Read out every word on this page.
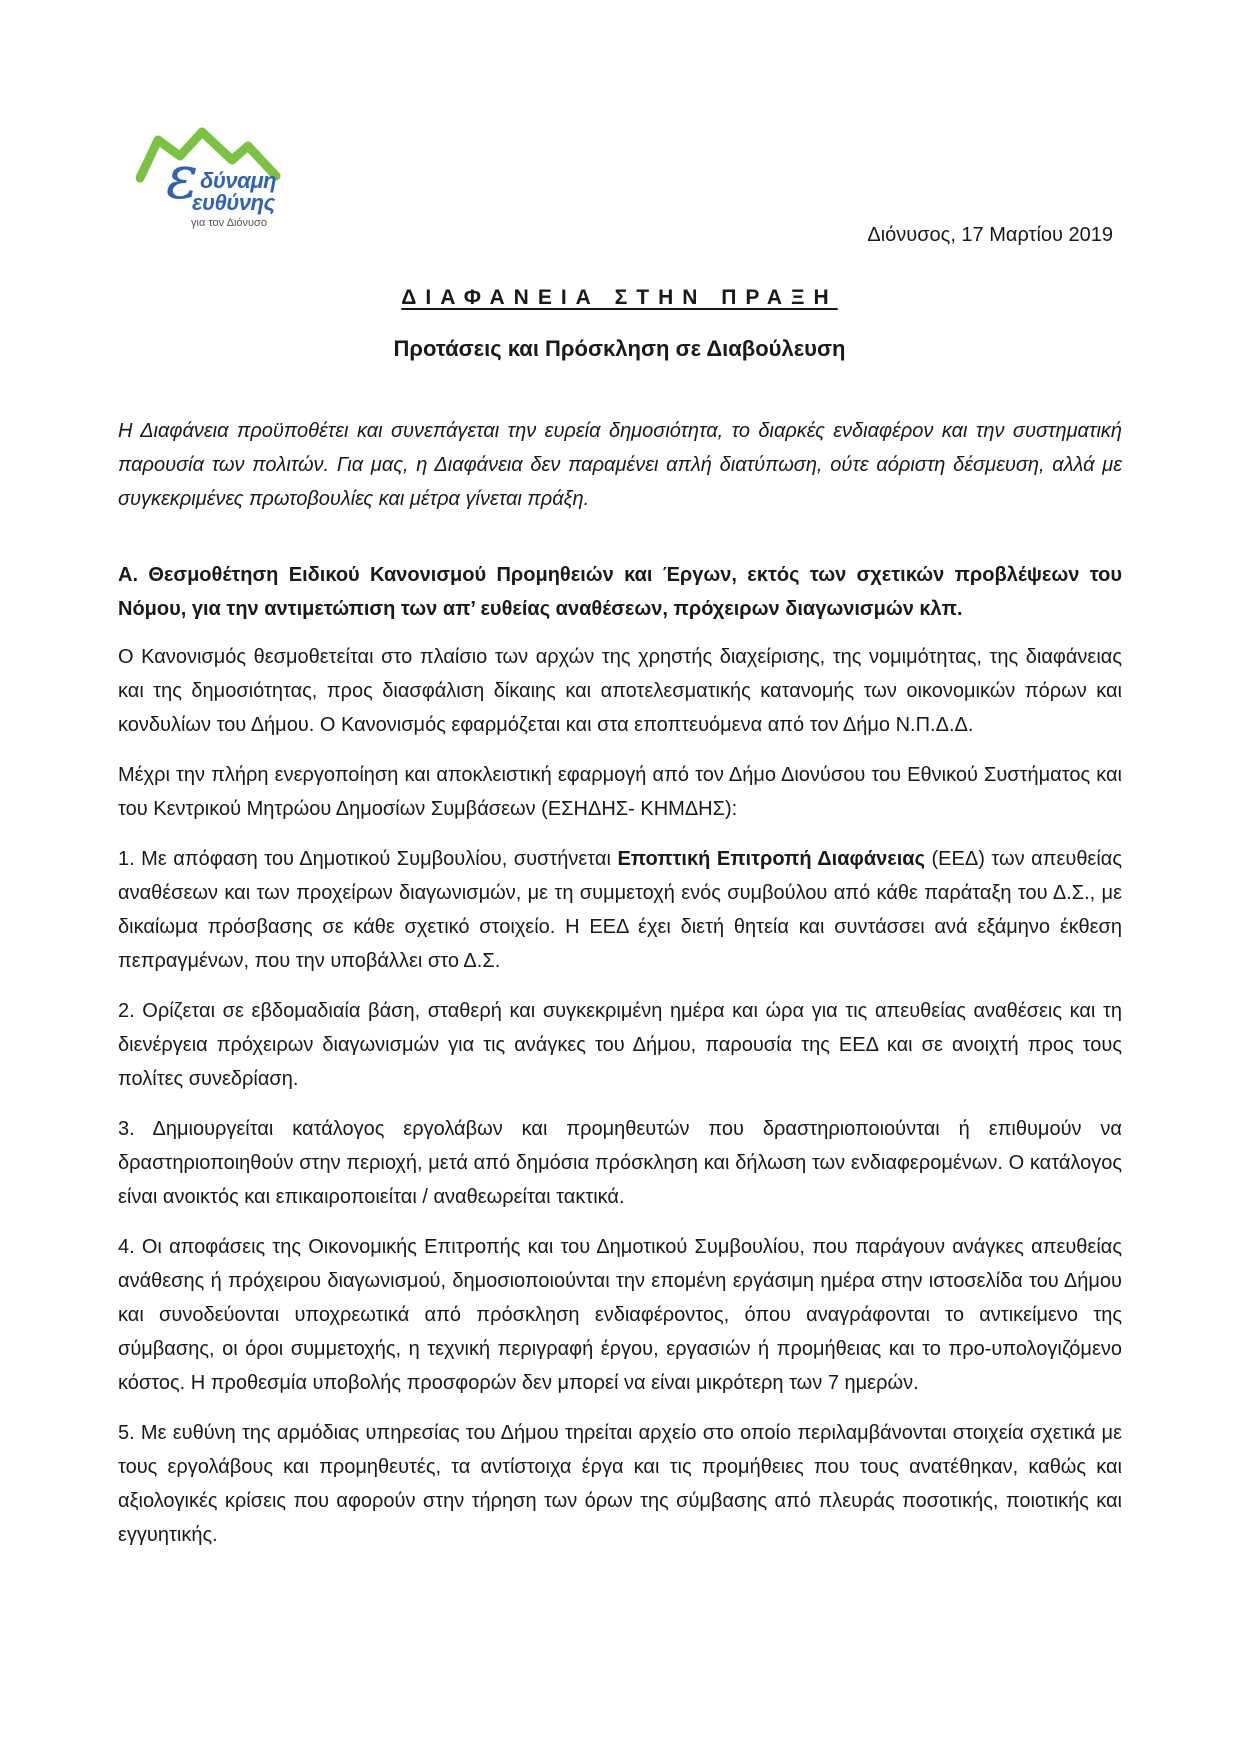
ε δύναμη
ευθύνης
για τον Διόνυσο
Διόνυσος, 17 Μαρτίου 2019
ΔΙΑΦΑΝΕΙΑ ΣΤΗΝ ΠΡΑΞΗ
Προτάσεις και Πρόσκληση σε Διαβούλευση

Η Διαφάνεια προϋποθέτει και συνεπάγεται την ευρεία δημοσιότητα, το διαρκές ενδιαφέρον και την συστηματική παρουσία των πολιτών. Για μας, η Διαφάνεια δεν παραμένει απλή διατύπωση, ούτε αόριστη δέσμευση, αλλά με συγκεκριμένες πρωτοβουλίες και μέτρα γίνεται πράξη.

Α. Θεσμοθέτηση Ειδικού Κανονισμού Προμηθειών και Έργων, εκτός των σχετικών προβλέψεων του Νόμου, για την αντιμετώπιση των απ’ ευθείας αναθέσεων, πρόχειρων διαγωνισμών κλπ.

Ο Κανονισμός θεσμοθετείται στο πλαίσιο των αρχών της χρηστής διαχείρισης, της νομιμότητας, της διαφάνειας και της δημοσιότητας, προς διασφάλιση δίκαιης και αποτελεσματικής κατανομής των οικονομικών πόρων και κονδυλίων του Δήμου. Ο Κανονισμός εφαρμόζεται και στα εποπτευόμενα από τον Δήμο Ν.Π.Δ.Δ.

Μέχρι την πλήρη ενεργοποίηση και αποκλειστική εφαρμογή από τον Δήμο Διονύσου του Εθνικού Συστήματος και του Κεντρικού Μητρώου Δημοσίων Συμβάσεων (ΕΣΗΔΗΣ- ΚΗΜΔΗΣ):

1. Με απόφαση του Δημοτικού Συμβουλίου, συστήνεται Εποπτική Επιτροπή Διαφάνειας (ΕΕΔ) των απευθείας αναθέσεων και των προχείρων διαγωνισμών, με τη συμμετοχή ενός συμβούλου από κάθε παράταξη του Δ.Σ., με δικαίωμα πρόσβασης σε κάθε σχετικό στοιχείο. Η ΕΕΔ έχει διετή θητεία και συντάσσει ανά εξάμηνο έκθεση πεπραγμένων, που την υποβάλλει στο Δ.Σ.

2. Ορίζεται σε εβδομαδιαία βάση, σταθερή και συγκεκριμένη ημέρα και ώρα για τις απευθείας αναθέσεις και τη διενέργεια πρόχειρων διαγωνισμών για τις ανάγκες του Δήμου, παρουσία της ΕΕΔ και σε ανοιχτή προς τους πολίτες συνεδρίαση.

3. Δημιουργείται κατάλογος εργολάβων και προμηθευτών που δραστηριοποιούνται ή επιθυμούν να δραστηριοποιηθούν στην περιοχή, μετά από δημόσια πρόσκληση και δήλωση των ενδιαφερομένων. Ο κατάλογος είναι ανοικτός και επικαιροποιείται / αναθεωρείται τακτικά.

4. Οι αποφάσεις της Οικονομικής Επιτροπής και του Δημοτικού Συμβουλίου, που παράγουν ανάγκες απευθείας ανάθεσης ή πρόχειρου διαγωνισμού, δημοσιοποιούνται την επομένη εργάσιμη ημέρα στην ιστοσελίδα του Δήμου και συνοδεύονται υποχρεωτικά από πρόσκληση ενδιαφέροντος, όπου αναγράφονται το αντικείμενο της σύμβασης, οι όροι συμμετοχής, η τεχνική περιγραφή έργου, εργασιών ή προμήθειας και το προ-υπολογιζόμενο κόστος. Η προθεσμία υποβολής προσφορών δεν μπορεί να είναι μικρότερη των 7 ημερών.

5. Με ευθύνη της αρμόδιας υπηρεσίας του Δήμου τηρείται αρχείο στο οποίο περιλαμβάνονται στοιχεία σχετικά με τους εργολάβους και προμηθευτές, τα αντίστοιχα έργα και τις προμήθειες που τους ανατέθηκαν, καθώς και αξιολογικές κρίσεις που αφορούν στην τήρηση των όρων της σύμβασης από πλευράς ποσοτικής, ποιοτικής και εγγυητικής.
